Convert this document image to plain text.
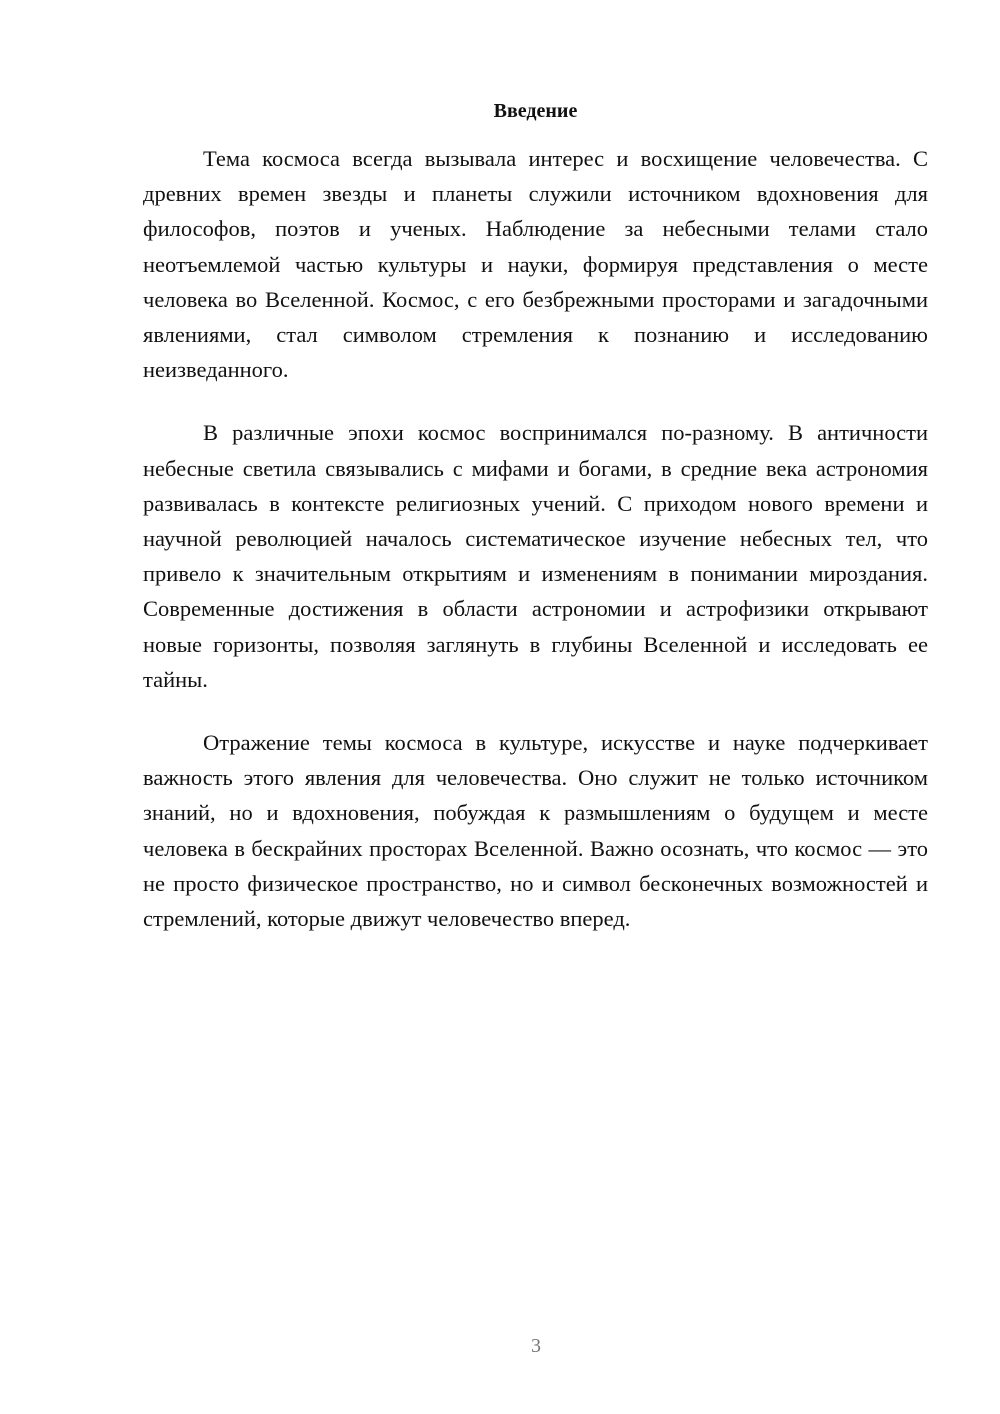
Введение

Тема космоса всегда вызывала интерес и восхищение человечества. С древних времен звезды и планеты служили источником вдохновения для философов, поэтов и ученых. Наблюдение за небесными телами стало неотъемлемой частью культуры и науки, формируя представления о месте человека во Вселенной. Космос, с его безбрежными просторами и загадочными явлениями, стал символом стремления к познанию и исследованию неизведанного.

В различные эпохи космос воспринимался по-разному. В античности небесные светила связывались с мифами и богами, в средние века астрономия развивалась в контексте религиозных учений. С приходом нового времени и научной революцией началось систематическое изучение небесных тел, что привело к значительным открытиям и изменениям в понимании мироздания. Современные достижения в области астрономии и астрофизики открывают новые горизонты, позволяя заглянуть в глубины Вселенной и исследовать ее тайны.

Отражение темы космоса в культуре, искусстве и науке подчеркивает важность этого явления для человечества. Оно служит не только источником знаний, но и вдохновения, побуждая к размышлениям о будущем и месте человека в бескрайних просторах Вселенной. Важно осознать, что космос — это не просто физическое пространство, но и символ бесконечных возможностей и стремлений, которые движут человечество вперед.

3
